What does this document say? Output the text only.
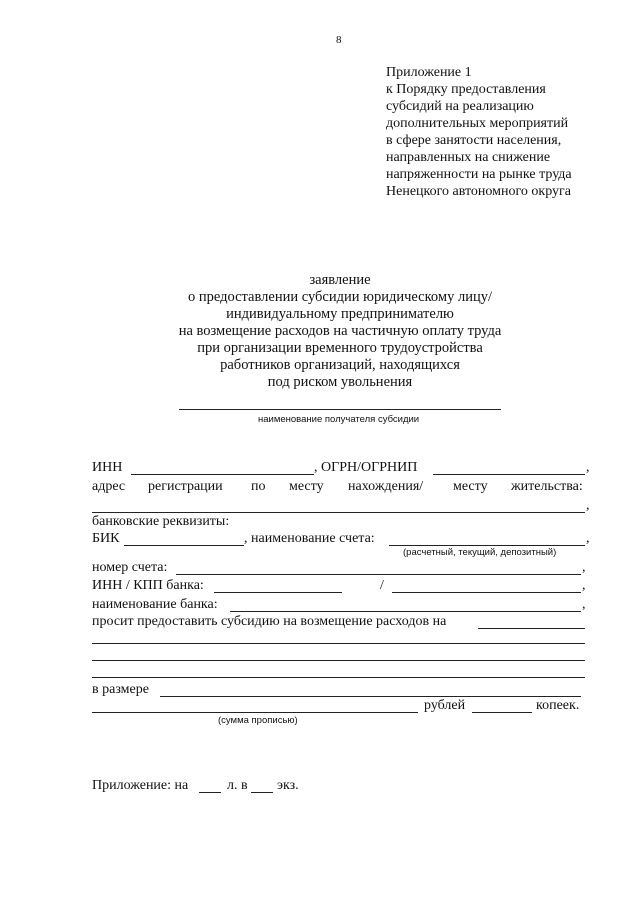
8
Приложение 1
к Порядку предоставления
субсидий на реализацию
дополнительных мероприятий
в сфере занятости населения,
направленных на снижение
напряженности на рынке труда
Ненецкого автономного округа
заявление
о предоставлении субсидии юридическому лицу/
индивидуальному предпринимателю
на возмещение расходов на частичную оплату труда
при организации временного трудоустройства
работников организаций, находящихся
под риском увольнения
наименование получателя субсидии
ИНН	, ОГРН/ОГРНИП	,
адрес регистрации по месту нахождения/ месту жительства:
,
банковские реквизиты:
БИК	, наименование счета:	,
(расчетный, текущий, депозитный)
номер счета:	,
ИНН / КПП банка:	/	,
наименование банка:	,
просит предоставить субсидию на возмещение расходов на
в размере
рублей	копеек.
(сумма прописью)
Приложение: на	л. в экз.
